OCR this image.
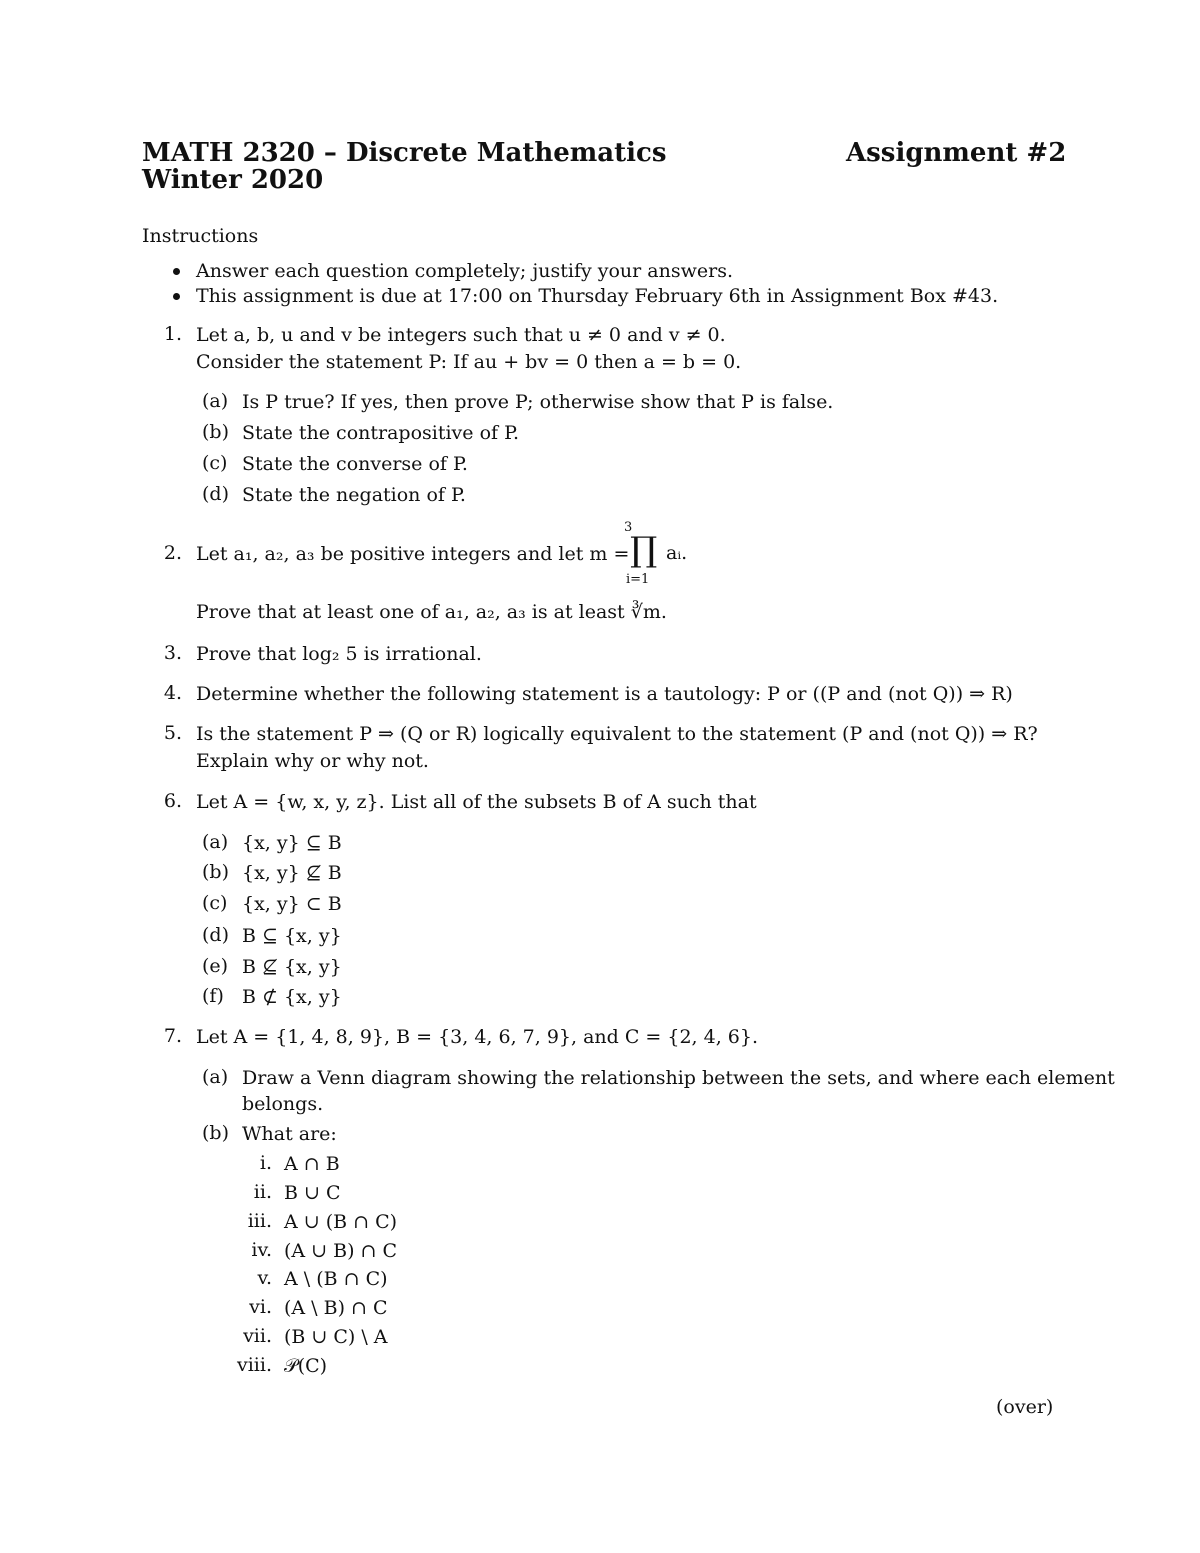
MATH 2320 – Discrete Mathematics	Assignment #2
Winter 2020
Instructions
Answer each question completely; justify your answers.
This assignment is due at 17:00 on Thursday February 6th in Assignment Box #43.
1. Let a, b, u and v be integers such that u ≠ 0 and v ≠ 0.
Consider the statement P: If au + bv = 0 then a = b = 0.
(a) Is P true? If yes, then prove P; otherwise show that P is false.
(b) State the contrapositive of P.
(c) State the converse of P.
(d) State the negation of P.
2. Let a₁, a₂, a₃ be positive integers and let m =
3
∏
i=1
aᵢ.
Prove that at least one of a₁, a₂, a₃ is at least ∛m.
3. Prove that log₂ 5 is irrational.
4. Determine whether the following statement is a tautology: P or ((P and (not Q)) ⇒ R)
5. Is the statement P ⇒ (Q or R) logically equivalent to the statement (P and (not Q)) ⇒ R?
Explain why or why not.
6. Let A = {w, x, y, z}. List all of the subsets B of A such that
(a) {x, y} ⊆ B
(b) {x, y} ⊈ B
(c) {x, y} ⊂ B
(d) B ⊆ {x, y}
(e) B ⊈ {x, y}
(f) B ⊄ {x, y}
7. Let A = {1, 4, 8, 9}, B = {3, 4, 6, 7, 9}, and C = {2, 4, 6}.
(a) Draw a Venn diagram showing the relationship between the sets, and where each element
belongs.
(b) What are:
i. A ∩ B
ii. B ∪ C
iii. A ∪ (B ∩ C)
iv. (A ∪ B) ∩ C
v. A \ (B ∩ C)
vi. (A \ B) ∩ C
vii. (B ∪ C) \ A
viii. 𝒫(C)
(over)
